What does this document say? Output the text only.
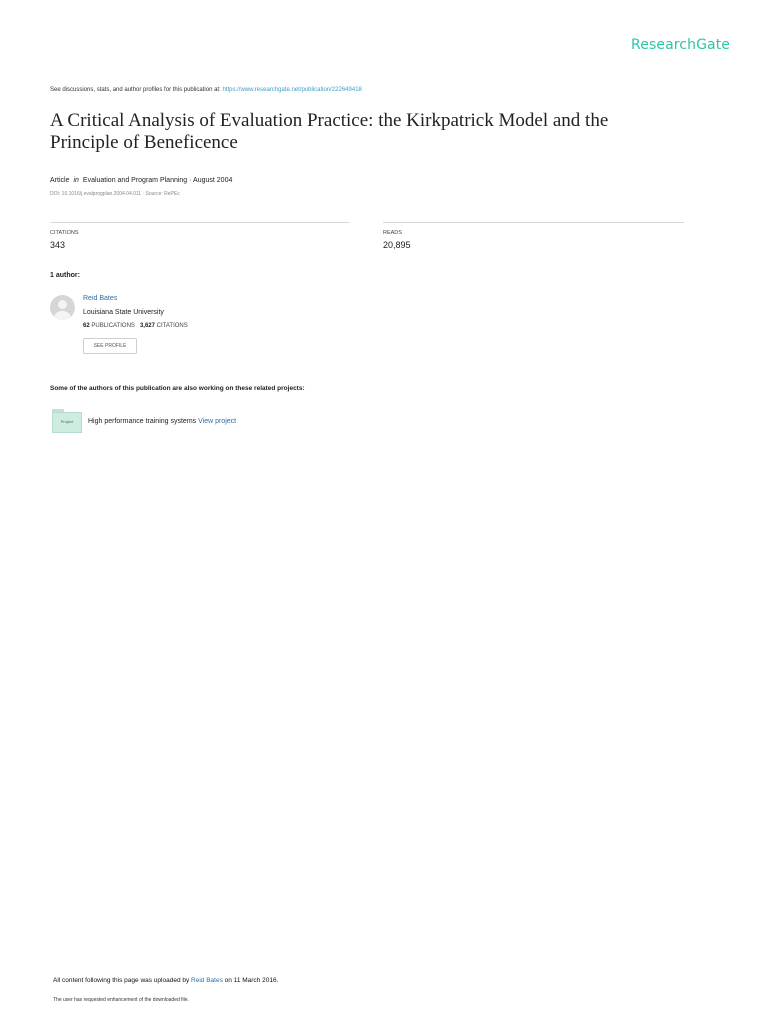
ResearchGate
See discussions, stats, and author profiles for this publication at: https://www.researchgate.net/publication/222649418
A Critical Analysis of Evaluation Practice: the Kirkpatrick Model and the
Principle of Beneficence
Article in Evaluation and Program Planning · August 2004
DOI: 10.1016/j.evalprogplan.2004.04.011 · Source: RePEc
CITATIONS
343
READS
20,895
1 author:
Reid Bates
Louisiana State University
62 PUBLICATIONS 3,627 CITATIONS
SEE PROFILE
Some of the authors of this publication are also working on these related projects:
Project	High performance training systems View project
All content following this page was uploaded by Reid Bates on 11 March 2016.
The user has requested enhancement of the downloaded file.
